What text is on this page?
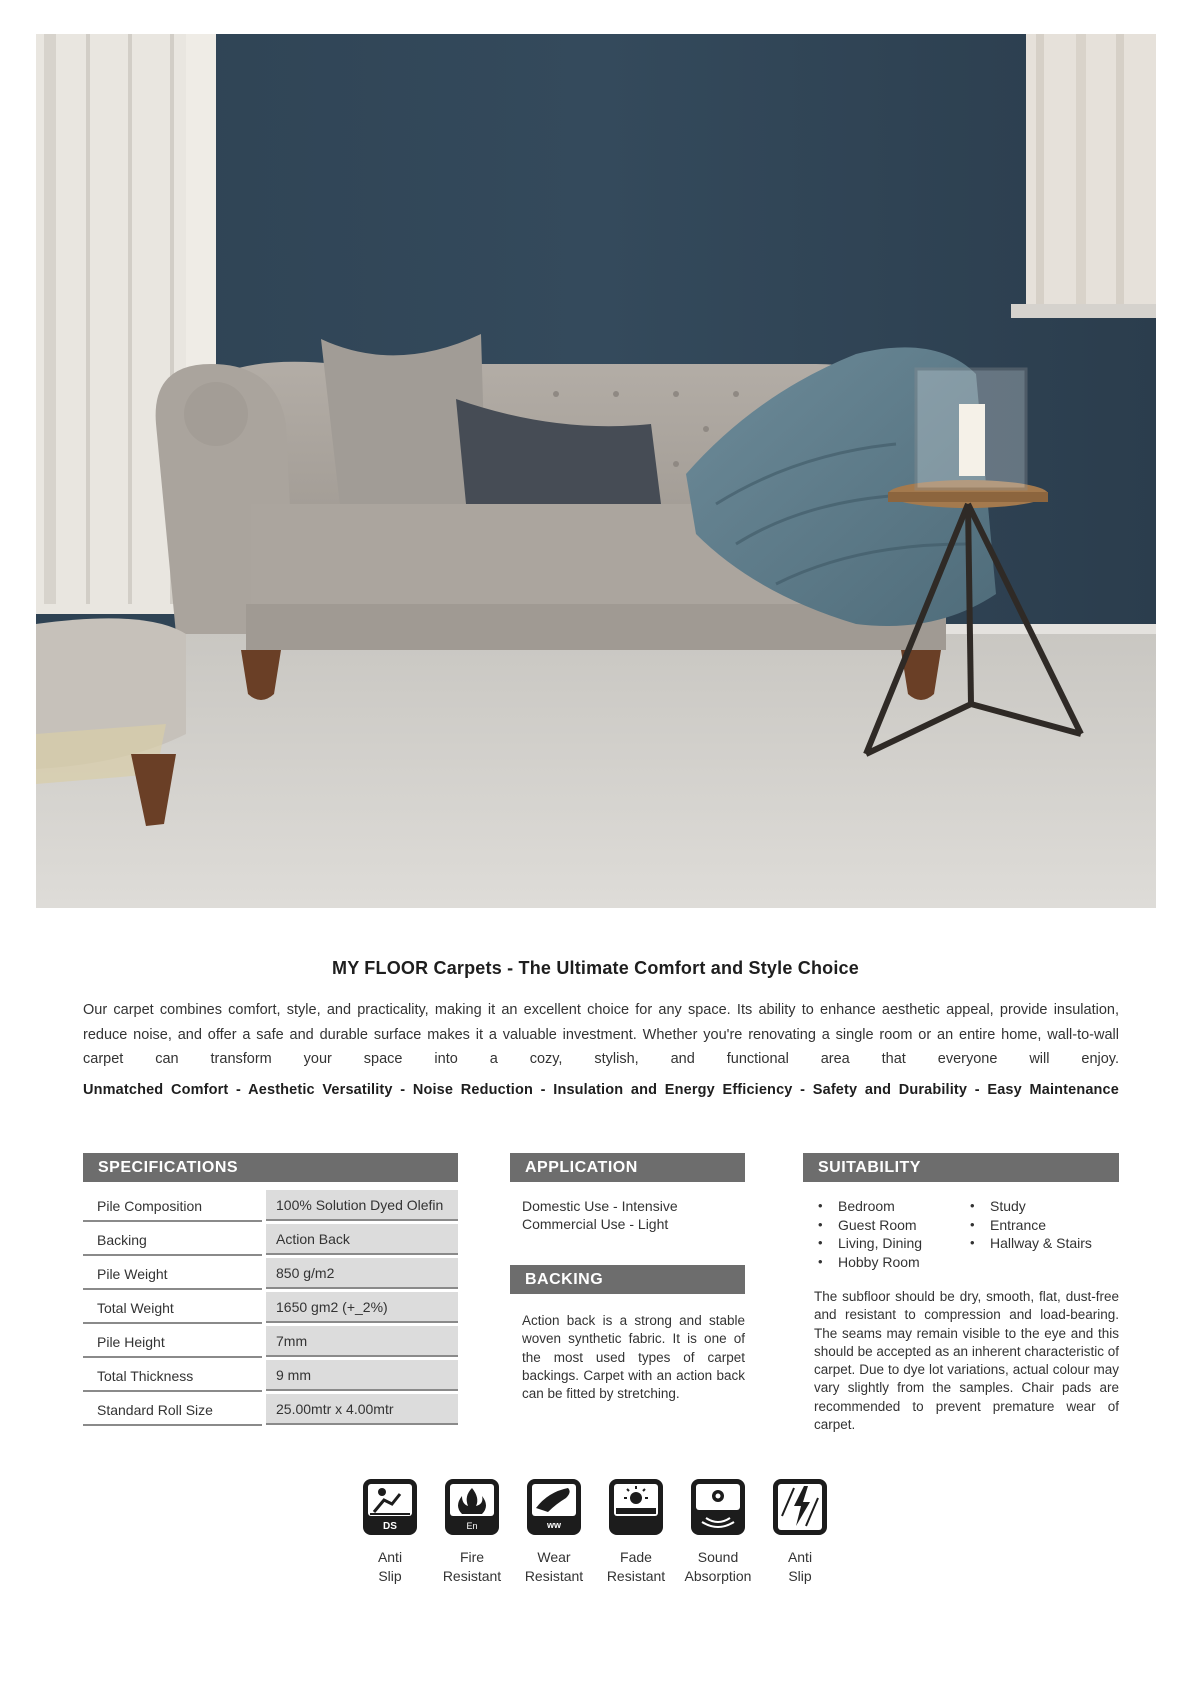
MY FLOOR Carpets - The Ultimate Comfort and Style Choice
Our carpet combines comfort, style, and practicality, making it an excellent choice for any space. Its ability to enhance aesthetic appeal, provide insulation, reduce noise, and offer a safe and durable surface makes it a valuable investment. Whether you're renovating a single room or an entire home, wall-to-wall carpet can transform your space into a cozy, stylish, and functional area that everyone will enjoy.
Unmatched Comfort - Aesthetic Versatility - Noise Reduction - Insulation and Energy Efficiency - Safety and Durability - Easy Maintenance
SPECIFICATIONS
Pile Composition	100% Solution Dyed Olefin
Backing	Action Back
Pile Weight	850 g/m2
Total Weight	1650 gm2 (+_2%)
Pile Height	7mm
Total Thickness	9 mm
Standard Roll Size	25.00mtr x 4.00mtr
APPLICATION
Domestic Use - Intensive
Commercial Use - Light
BACKING
Action back is a strong and stable woven synthetic fabric. It is one of the most used types of carpet backings. Carpet with an action back can be fitted by stretching.
SUITABILITY
• Bedroom
• Guest Room
• Living, Dining
• Hobby Room
• Study
• Entrance
• Hallway & Stairs
The subfloor should be dry, smooth, flat, dust-free and resistant to compression and load-bearing. The seams may remain visible to the eye and this should be accepted as an inherent characteristic of carpet. Due to dye lot variations, actual colour may vary slightly from the samples. Chair pads are recommended to prevent premature wear of carpet.
DS
Anti
Slip
En
Fire
Resistant
ww
Wear
Resistant
Fade
Resistant
Sound
Absorption
Anti
Slip
